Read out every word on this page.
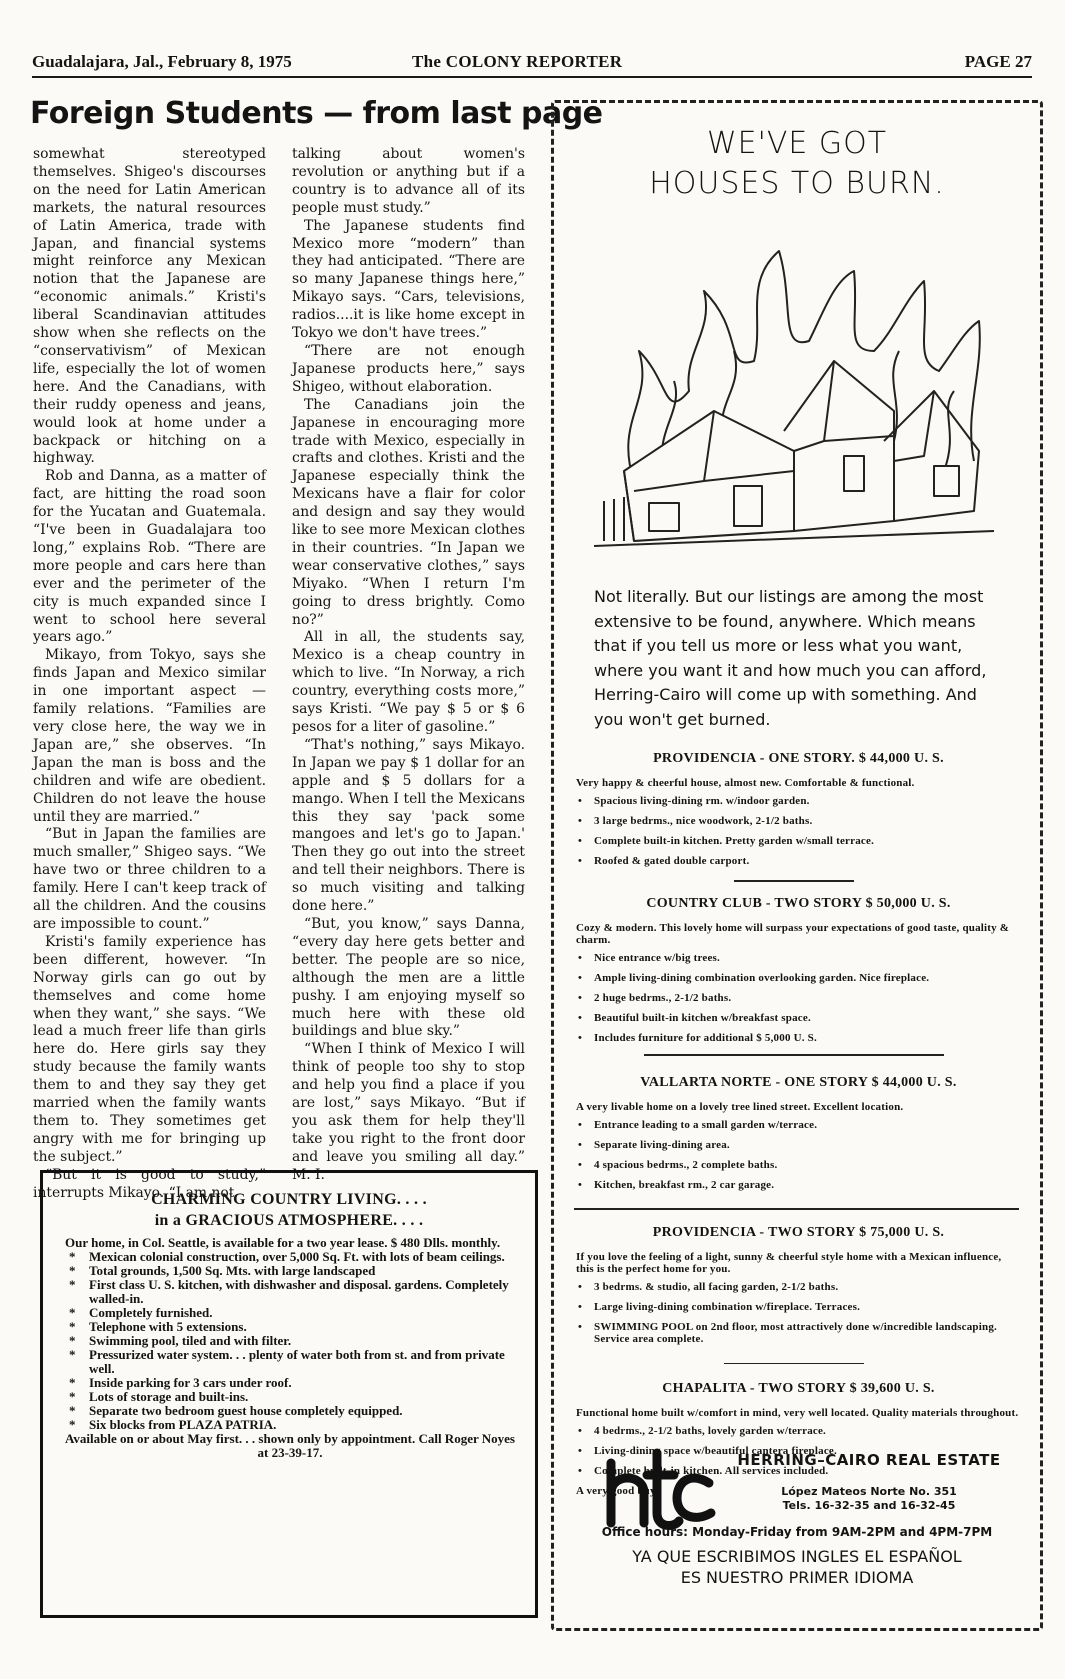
Guadalajara, Jal., February 8, 1975	The COLONY REPORTER	PAGE 27
Foreign Students — from last page

somewhat stereotyped themselves. Shigeo's discourses on the need for Latin American markets, the natural resources of Latin America, trade with Japan, and financial systems might reinforce any Mexican notion that the Japanese are “economic animals.” Kristi's liberal Scandinavian attitudes show when she reflects on the “conservativism” of Mexican life, especially the lot of women here. And the Canadians, with their ruddy openess and jeans, would look at home under a backpack or hitching on a highway.

Rob and Danna, as a matter of fact, are hitting the road soon for the Yucatan and Guatemala. “I've been in Guadalajara too long,” explains Rob. “There are more people and cars here than ever and the perimeter of the city is much expanded since I went to school here several years ago.”

Mikayo, from Tokyo, says she finds Japan and Mexico similar in one important aspect — family relations. “Families are very close here, the way we in Japan are,” she observes. “In Japan the man is boss and the children and wife are obedient. Children do not leave the house until they are married.”

“But in Japan the families are much smaller,” Shigeo says. “We have two or three children to a family. Here I can't keep track of all the children. And the cousins are impossible to count.”

Kristi's family experience has been different, however. “In Norway girls can go out by themselves and come home when they want,” she says. “We lead a much freer life than girls here do. Here girls say they study because the family wants them to and they say they get married when the family wants them to. They sometimes get angry with me for bringing up the subject.”

“But it is good to study,” interrupts Mikayo. “I am not

talking about women's revolution or anything but if a country is to advance all of its people must study.”

The Japanese students find Mexico more “modern” than they had anticipated. “There are so many Japanese things here,” Mikayo says. “Cars, televisions, radios....it is like home except in Tokyo we don't have trees.”

“There are not enough Japanese products here,” says Shigeo, without elaboration.

The Canadians join the Japanese in encouraging more trade with Mexico, especially in crafts and clothes. Kristi and the Japanese especially think the Mexicans have a flair for color and design and say they would like to see more Mexican clothes in their countries. “In Japan we wear conservative clothes,” says Miyako. “When I return I'm going to dress brightly. Como no?”

All in all, the students say, Mexico is a cheap country in which to live. “In Norway, a rich country, everything costs more,” says Kristi. “We pay $ 5 or $ 6 pesos for a liter of gasoline.”

“That's nothing,” says Mikayo. In Japan we pay $ 1 dollar for an apple and $ 5 dollars for a mango. When I tell the Mexicans this they say 'pack some mangoes and let's go to Japan.' Then they go out into the street and tell their neighbors. There is so much visiting and talking done here.”

“But, you know,” says Danna, “every day here gets better and better. The people are so nice, although the men are a little pushy. I am enjoying myself so much here with these old buildings and blue sky.”

“When I think of Mexico I will think of people too shy to stop and help you find a place if you are lost,” says Mikayo. “But if you ask them for help they'll take you right to the front door and leave you smiling all day.” M. I.

WE'VE GOT
HOUSES TO BURN.
Not literally. But our listings are among the most extensive to be found, anywhere. Which means that if you tell us more or less what you want, where you want it and how much you can afford, Herring-Cairo will come up with something. And you won't get burned.
PROVIDENCIA - ONE STORY. $ 44,000 U. S.

Very happy & cheerful house, almost new. Comfortable & functional.

• Spacious living-dining rm. w/indoor garden.
• 3 large bedrms., nice woodwork, 2-1/2 baths.
• Complete built-in kitchen. Pretty garden w/small terrace.
• Roofed & gated double carport.
COUNTRY CLUB - TWO STORY $ 50,000 U. S.

Cozy & modern. This lovely home will surpass your expectations of good taste, quality & charm.

• Nice entrance w/big trees.
• Ample living-dining combination overlooking garden. Nice fireplace.
• 2 huge bedrms., 2-1/2 baths.
• Beautiful built-in kitchen w/breakfast space.
• Includes furniture for additional $ 5,000 U. S.
VALLARTA NORTE - ONE STORY $ 44,000 U. S.

A very livable home on a lovely tree lined street. Excellent location.

• Entrance leading to a small garden w/terrace.
• Separate living-dining area.
• 4 spacious bedrms., 2 complete baths.
• Kitchen, breakfast rm., 2 car garage.
PROVIDENCIA - TWO STORY $ 75,000 U. S.

If you love the feeling of a light, sunny & cheerful style home with a Mexican influence, this is the perfect home for you.

• 3 bedrms. & studio, all facing garden, 2-1/2 baths.
• Large living-dining combination w/fireplace. Terraces.
• SWIMMING POOL on 2nd floor, most attractively done w/incredible landscaping. Service area complete.
CHAPALITA - TWO STORY $ 39,600 U. S.

Functional home built w/comfort in mind, very well located. Quality materials throughout.

• 4 bedrms., 2-1/2 baths, lovely garden w/terrace.
• Living-dining space w/beautiful cantera fireplace.
• Complete built-in kitchen. All services included.

A very good buy.

HERRING–CAIRO REAL ESTATE
López Mateos Norte No. 351
Tels. 16-32-35 and 16-32-45
Office hours: Monday-Friday from 9AM-2PM and 4PM-7PM
YA QUE ESCRIBIMOS INGLES EL ESPAÑOL
ES NUESTRO PRIMER IDIOMA
CHARMING COUNTRY LIVING. . . .
in a GRACIOUS ATMOSPHERE. . . .

Our home, in Col. Seattle, is available for a two year lease. $ 480 Dlls. monthly.

* Mexican colonial construction, over 5,000 Sq. Ft. with lots of beam ceilings.
* Total grounds, 1,500 Sq. Mts. with large landscaped
* First class U. S. kitchen, with dishwasher and disposal. gardens. Completely walled-in.
* Completely furnished.
* Telephone with 5 extensions.
* Swimming pool, tiled and with filter.
* Pressurized water system. . . plenty of water both from st. and from private well.
* Inside parking for 3 cars under roof.
* Lots of storage and built-ins.
* Separate two bedroom guest house completely equipped.
* Six blocks from PLAZA PATRIA.

Available on or about May first. . . shown only by appointment. Call Roger Noyes at 23-39-17.
